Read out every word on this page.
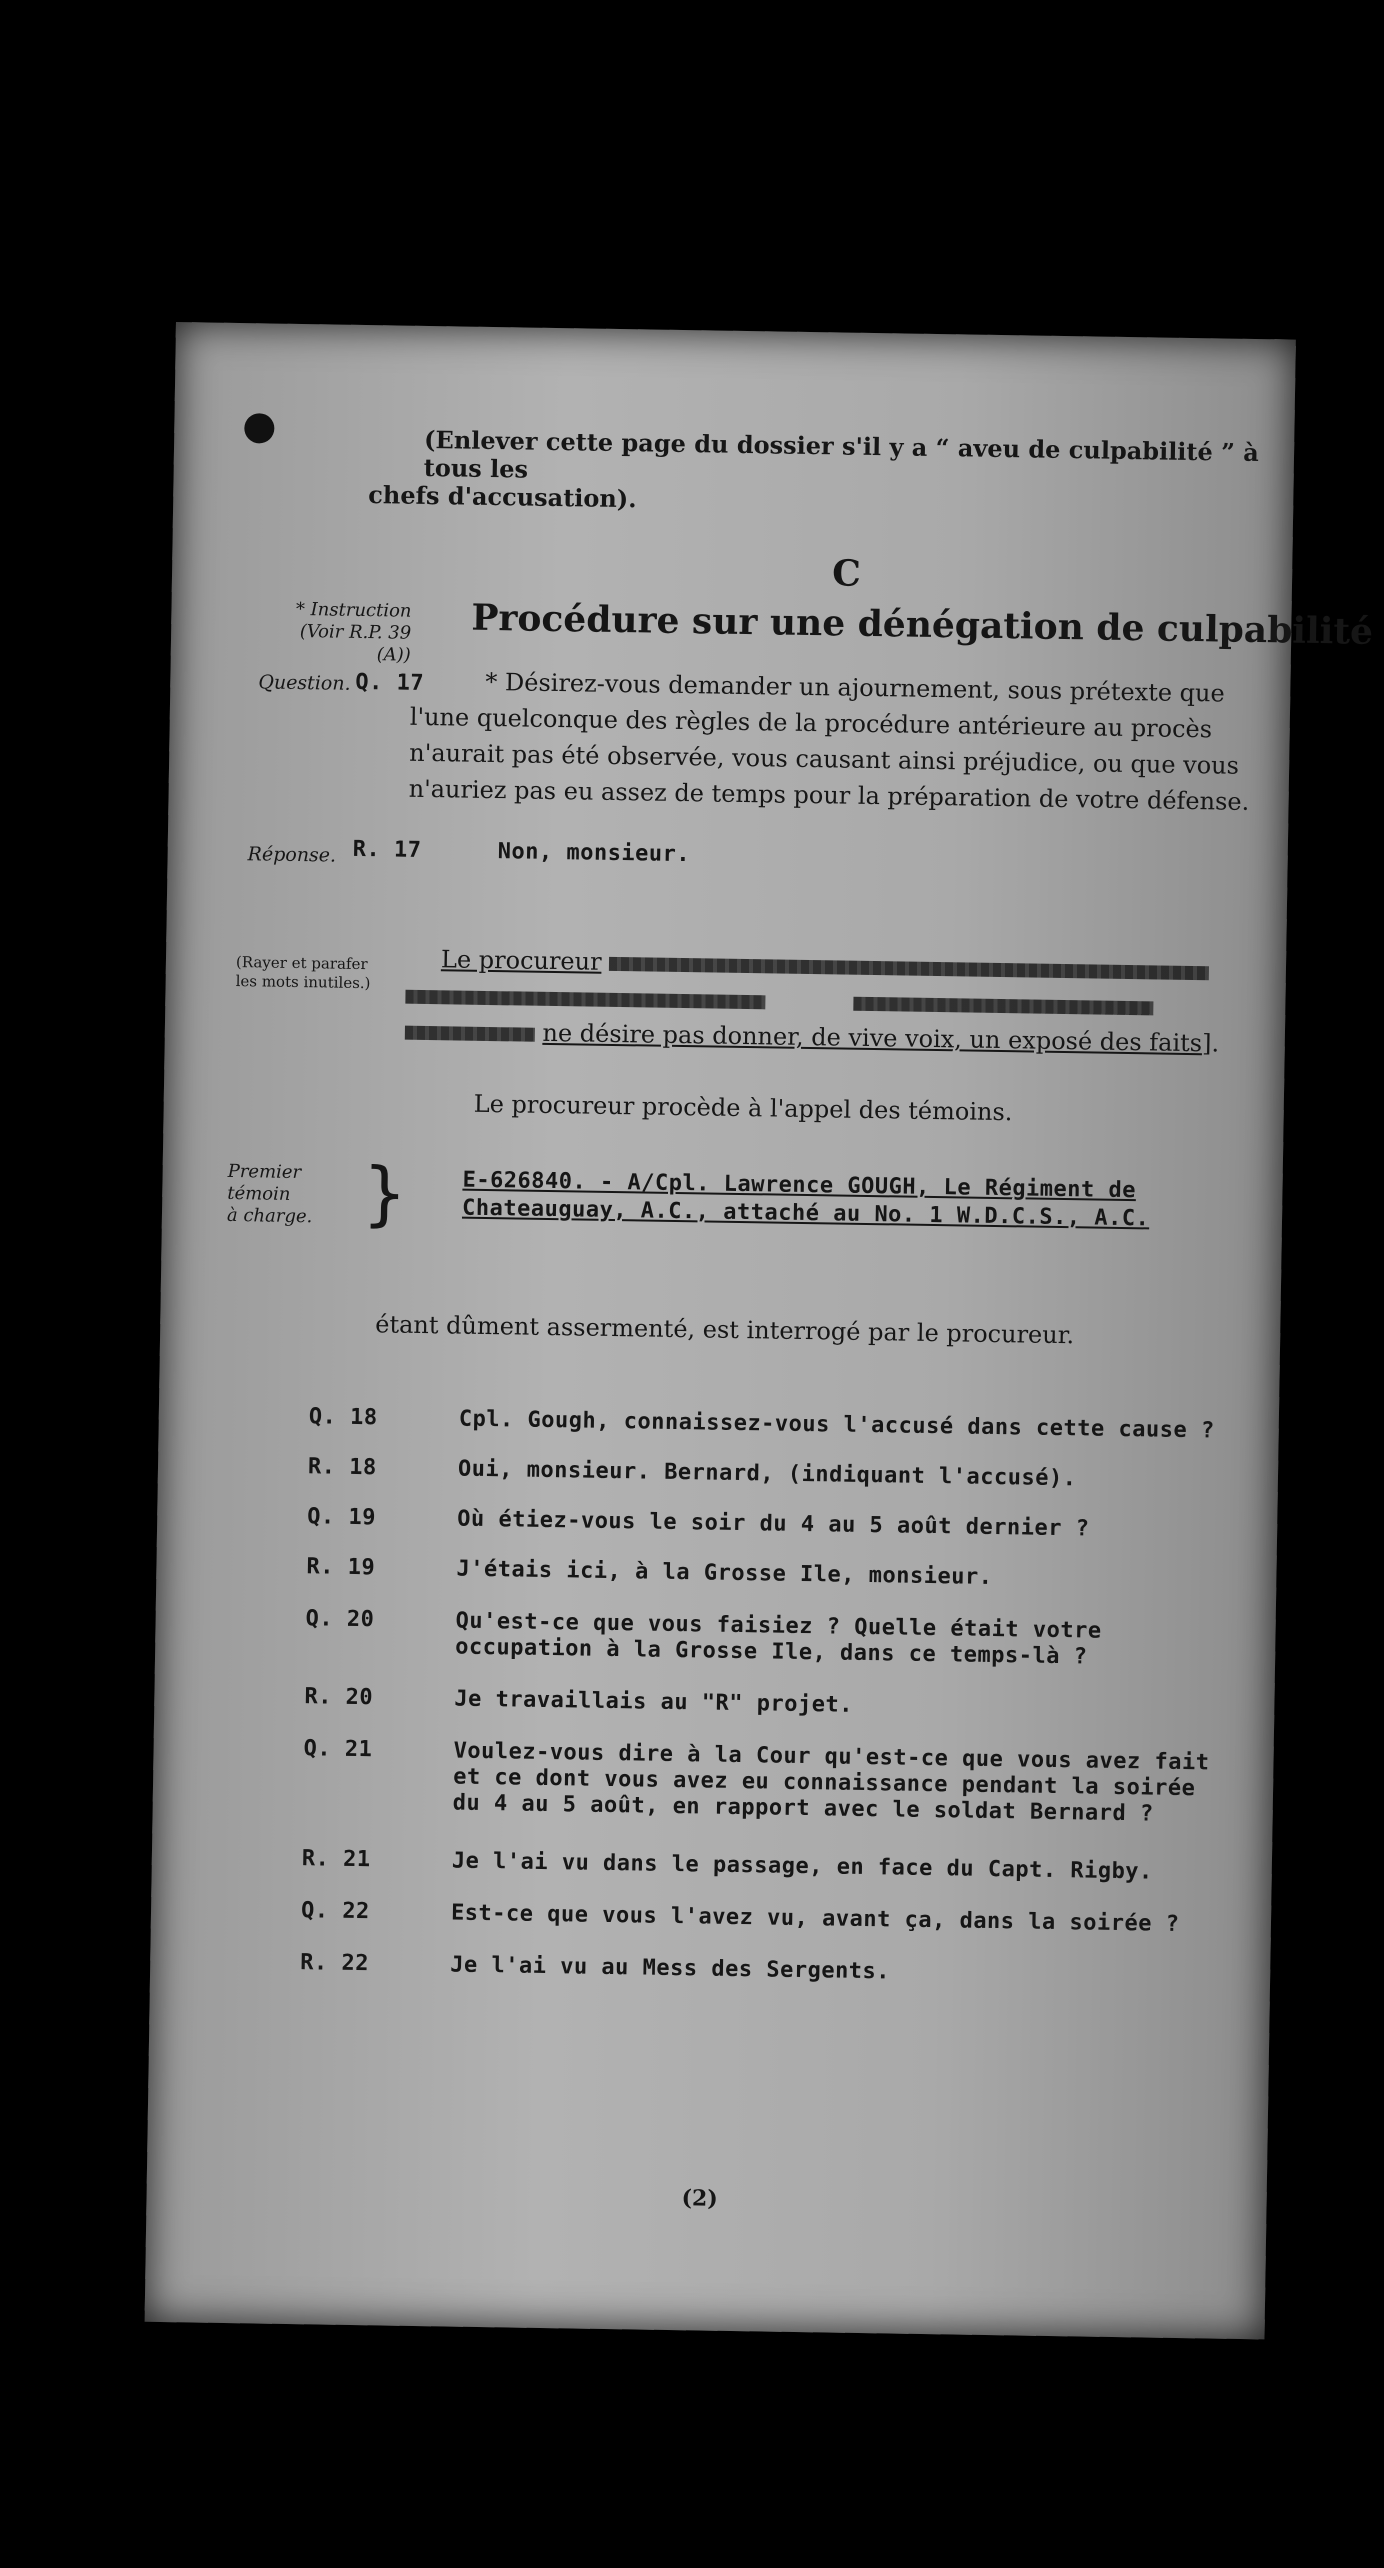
(Enlever cette page du dossier s'il y a “ aveu de culpabilité ” à tous les
chefs d'accusation).
C
* Instruction
(Voir R.P. 39 (A))
Procédure sur une dénégation de culpabilité
Question. Q. 17	* Désirez-vous demander un ajournement, sous prétexte que l'une quelconque des règles de la procédure antérieure au procès n'aurait pas été observée, vous causant ainsi préjudice, ou que vous n'auriez pas eu assez de temps pour la préparation de votre défense.
Réponse. R. 17	Non, monsieur.
(Rayer et parafer
les mots inutiles.)
Le procureur

ne désire pas donner, de vive voix, un exposé des faits].
Le procureur procède à l'appel des témoins.
Premier
témoin
à charge. } E-626840. - A/Cpl. Lawrence GOUGH, Le Régiment de
Chateauguay, A.C., attaché au No. 1 W.D.C.S., A.C.
étant dûment assermenté, est interrogé par le procureur.
Q. 18	Cpl. Gough, connaissez-vous l'accusé dans cette cause ?
R. 18	Oui, monsieur. Bernard, (indiquant l'accusé).
Q. 19	Où étiez-vous le soir du 4 au 5 août dernier ?
R. 19	J'étais ici, à la Grosse Ile, monsieur.
Q. 20	Qu'est-ce que vous faisiez ? Quelle était votre occupation à la Grosse Ile, dans ce temps-là ?
R. 20	Je travaillais au "R" projet.
Q. 21	Voulez-vous dire à la Cour qu'est-ce que vous avez fait et ce dont vous avez eu connaissance pendant la soirée du 4 au 5 août, en rapport avec le soldat Bernard ?
R. 21	Je l'ai vu dans le passage, en face du Capt. Rigby.
Q. 22	Est-ce que vous l'avez vu, avant ça, dans la soirée ?
R. 22	Je l'ai vu au Mess des Sergents.
(2)
